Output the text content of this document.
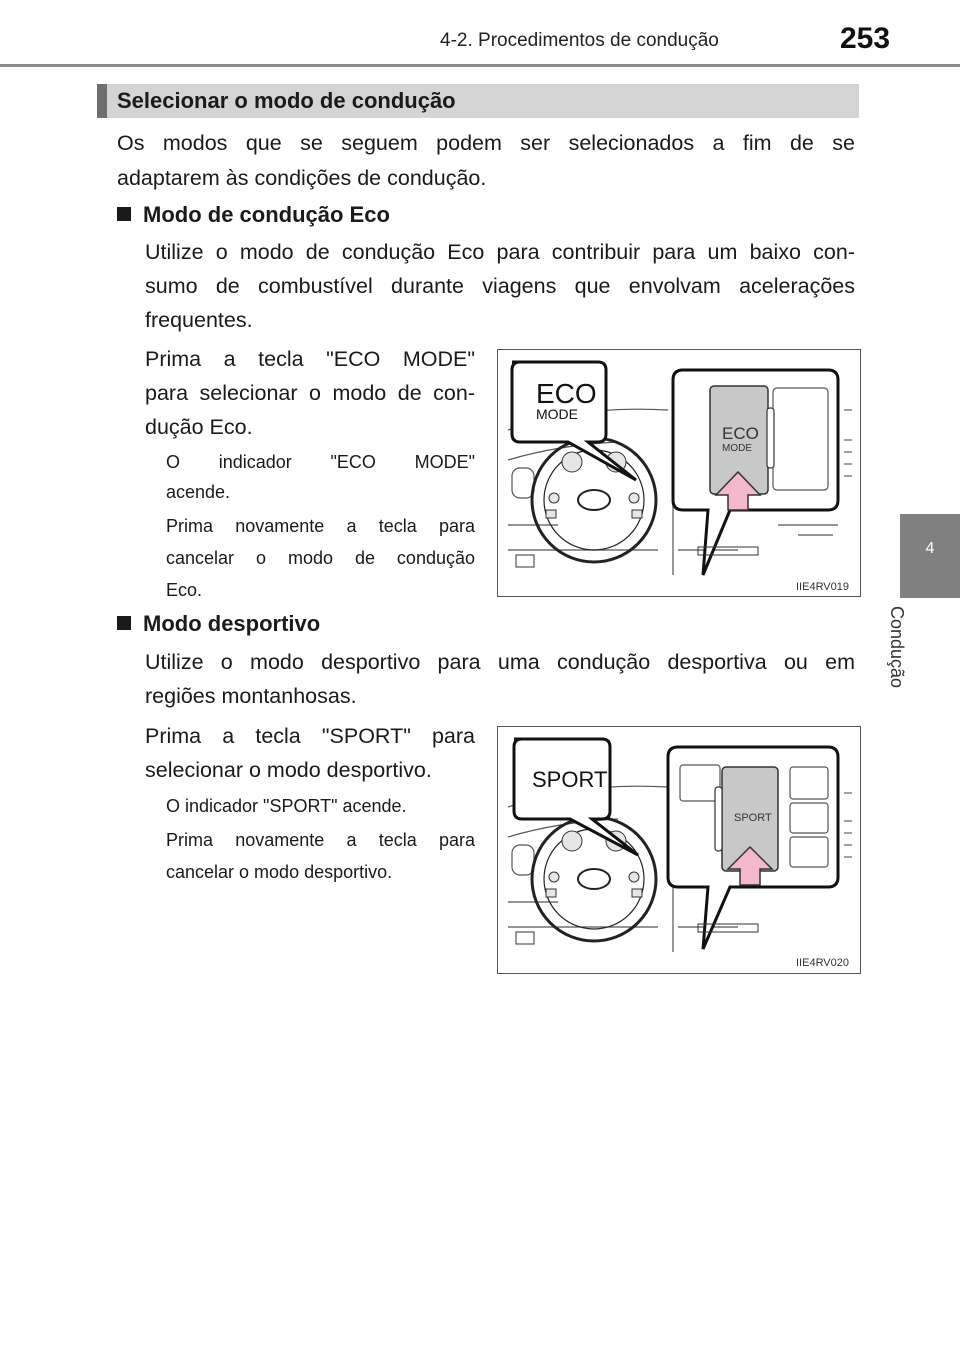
4-2. Procedimentos de condução	253
4
Condução
Selecionar o modo de condução
Os modos que se seguem podem ser selecionados a fim de se
adaptarem às condições de condução.
Modo de condução Eco
Utilize o modo de condução Eco para contribuir para um baixo con-
sumo de combustível durante viagens que envolvam acelerações
frequentes.
Prima a tecla "ECO MODE"
para selecionar o modo de con-
dução Eco.
O indicador "ECO MODE"
acende.
Prima novamente a tecla para
cancelar o modo de condução
Eco.
ECO
MODE
ECO
MODE
IIE4RV019
Modo desportivo
Utilize o modo desportivo para uma condução desportiva ou em
regiões montanhosas.
Prima a tecla "SPORT" para
selecionar o modo desportivo.
O indicador "SPORT" acende.
Prima novamente a tecla para
cancelar o modo desportivo.
SPORT
SPORT
IIE4RV020
